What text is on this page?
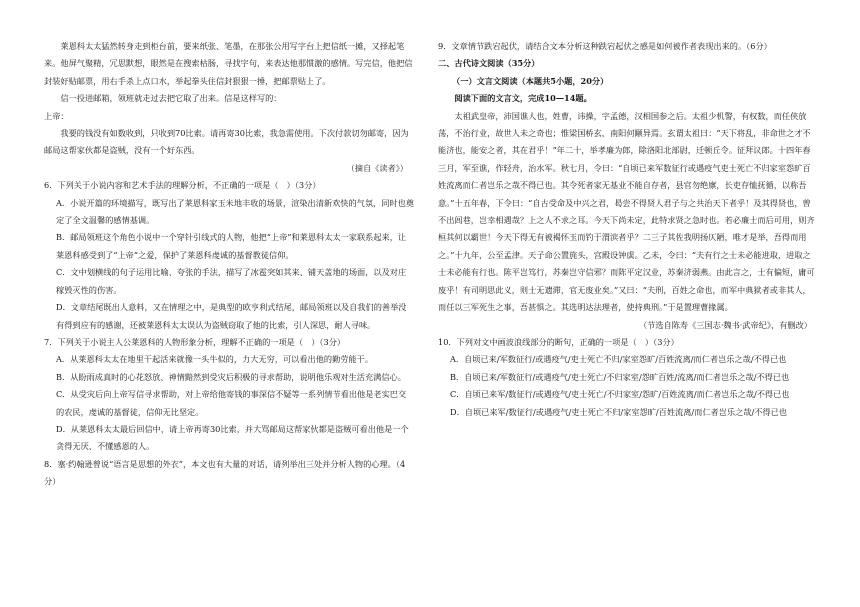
莱恩科太太猛然转身走到柜台前，要来纸张、笔墨，在那张公用写字台上把信纸一摊，又择起笔来。他屏气聚精，冗思默想，眼然是在搜索枯肠，寻找字句，来表达他那惯激的感情。写完信，他把信封装好贴邮票，用右手杀上点口水，举起拳头住信封狠狠一捶，把邮票贴上了。

信一投进邮箱，领班就走过去把它取了出来。信是这样写的：

上帝：

我要的钱没有如数收到，只收到70比索。请再寄30比索，我急需使用。下次付款切勿邮寄，因为邮局这帮家伙都是盗贼，没有一个好东西。

（摘自《读者》）

6．下列关于小说内容和艺术手法的理解分析，不正确的一项是（　）（3分）

A．小说开篇的环境描写，既写出了莱恩科家玉米地丰收的场景，渲染出清新欢快的气氛，同时也奠定了全文温馨的感情基调。

B．邮局领班这个角色小说中一个穿针引线式的人物，他把“上帝”和莱恩科太太一家联系起来，让莱恩科感受到了“上帝”之爱，保护了莱恩科虔诚的基督教徒信仰。

C．文中划横线的句子运用比喻、夸张的手法，描写了冰雹突如其来、铺天盖地的场面，以及对庄稼毁灭性的伤害。

D．文章结尾既出人意料，又在情理之中，是典型的欧亨利式结尾，邮局领班以及自我们的善举没有得到应有的感谢，还被莱恩科太太误认为盗贼窃取了他的比索，引人深思，耐人寻味。

7．下列关于小说主人公莱恩科的人物形象分析，理解不正确的一项是（　）（3分）

A．从莱恩科太太在地里干起活来就像一头牛似的，力大无穷，可以看出他的勤劳能干。

B．从盼雨成真时的心花怒放、神情黯然到受灾后积极的寻求帮助，说明他乐观对生活充满信心。

C．从受灾后向上帝写信寻求帮助，对上帝给他寄钱的事深信不疑等一系列情节看出他是老实巴交的农民，虔诚的基督徒，信仰无比坚定。

D．从莱恩科太太最后回信中，请上帝再寄30比索，并大骂邮局这帮家伙都是盗贼可看出他是一个贪得无厌、不懂感恩的人。

8．塞·约翰逊曾说“语言是思想的外衣”，本文也有大量的对话，请列举出三处并分析人物的心理。（4分）

9．文章情节跌宕起伏，请结合文本分析这种跌宕起伏之感是如何被作者表现出来的。（6分）

二、古代诗文阅读（35分）

（一）文言文阅读（本题共5小题，20分）

阅读下面的文言文，完成10—14题。

太祖武皇帝，沛国谯人也，姓曹，讳操，字孟德，汉相国参之后。太祖少机警，有权数，而任侠放荡，不治行业，故世人未之奇也；惟梁国桥玄，南阳何颙异焉。玄谓太祖曰：“天下将乱，非命世之才不能济也，能安之者，其在君乎！”年二十，举孝廉为郎，除洛阳北部尉，迁顿丘令。征拜议郎。十四年春三月，军至谯，作轻舟，治水军。秋七月，令曰：“自顷已来军数征行或遇疫气吏士死亡不归家室怨旷百姓流离而仁者岂乐之哉不得已也。其令死者家无基业不能自存者，县官勿绝廪，长吏存恤抚循，以称吾意。”十五年春，下令曰：“自古受命及中兴之君，曷尝不得贤人君子与之共治天下者乎！及其得贤也，曾不出闾巷，岂幸相遇哉？上之人不求之耳。今天下尚未定，此特求贤之急时也。若必廉士而后可用，则齐桓其何以霸世！今天下得无有被褐怀玉而钓于渭滨者乎？二三子其佐我明扬仄陋，唯才是举，吾得而用之。”十九年，公至孟津。天子命公置旄头，宫殿设钟虡。乙未，令曰：“夫有行之士未必能进取，进取之士未必能有行也。陈平岂笃行，苏秦岂守信邪？而陈平定汉业，苏秦济弱燕。由此言之，士有偏短，庸可废乎！有司明思此义，则士无遗滞，官无废业矣。”又曰：“夫刑，百姓之命也，而军中典狱者或非其人，而任以三军死生之事，吾甚惧之。其选明达法理者，使持典刑。”于是置理曹掾属。

（节选自陈寿《三国志·魏书·武帝纪》，有删改）

10．下列对文中画波浪线部分的断句，正确的一项是（　）（3分）

A．自顷已来/军数征行/或遇疫气/吏士死亡不归/家室怨旷/百姓流离/而仁者岂乐之哉/不得已也

B．自顷已来/军数征行/或遇疫气/吏士死亡/不归家室/怨旷百姓/流离/而仁者岂乐之哉/不得已也

C．自顷已来军/数征行/或遇疫气/吏士死亡/不归家室/怨旷/百姓流离/而仁者岂乐之哉/不得已也

D．自顷已来军/数征行/或遇疫气/吏士死亡不归/家室怨旷/百姓流离/而仁者岂乐之哉/不得已也
